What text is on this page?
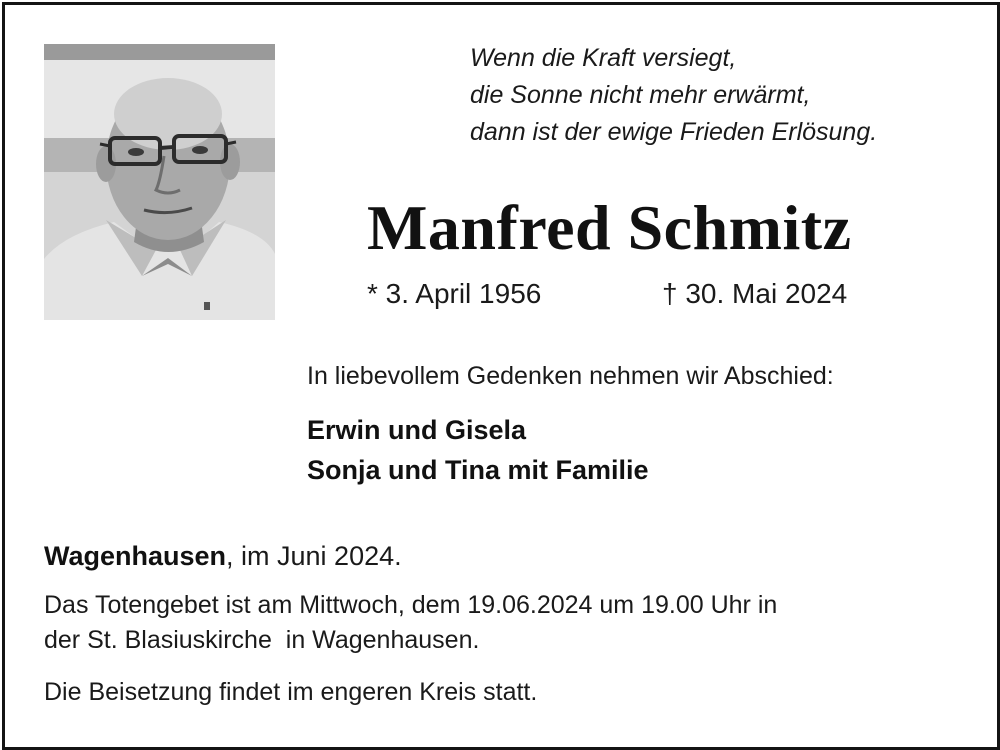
Wenn die Kraft versiegt,
die Sonne nicht mehr erwärmt,
dann ist der ewige Frieden Erlösung.
Manfred Schmitz
* 3. April 1956	† 30. Mai 2024
In liebevollem Gedenken nehmen wir Abschied:
Erwin und Gisela
Sonja und Tina mit Familie
Wagenhausen, im Juni 2024.
Das Totengebet ist am Mittwoch, dem 19.06.2024 um 19.00 Uhr in
der St. Blasiuskirche  in Wagenhausen.
Die Beisetzung findet im engeren Kreis statt.
